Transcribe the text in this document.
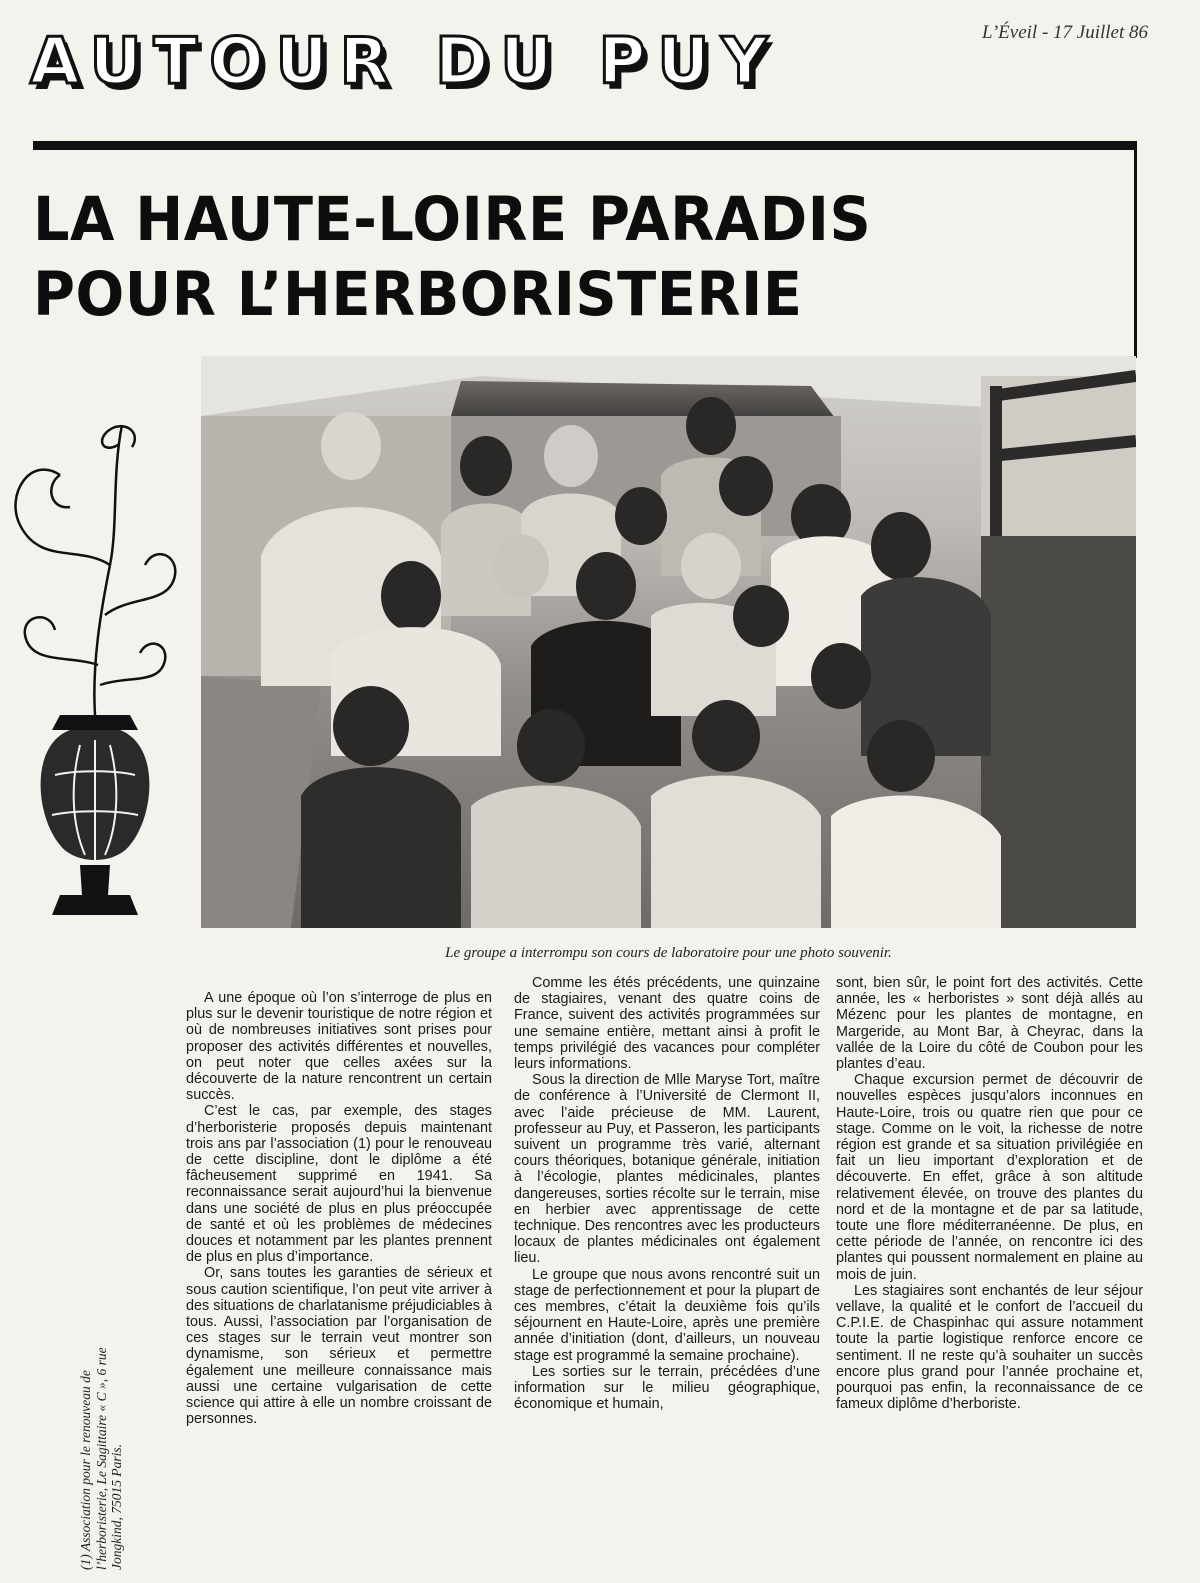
L’Éveil - 17 Juillet 86
AUTOUR DU PUY
LA HAUTE-LOIRE PARADIS
POUR L’HERBORISTERIE
Le groupe a interrompu son cours de laboratoire pour une photo souvenir.
(1) Association pour le renouveau de l’herboristerie, Le Sagittaire « C », 6 rue Jongkind, 75015 Paris.

A une époque où l’on s’interroge de plus en plus sur le devenir touristique de notre région et où de nombreuses initiatives sont prises pour proposer des activités différentes et nouvelles, on peut noter que celles axées sur la découverte de la nature rencontrent un certain succès.

C’est le cas, par exemple, des stages d’herboristerie proposés depuis maintenant trois ans par l’association (1) pour le renouveau de cette discipline, dont le diplôme a été fâcheusement supprimé en 1941. Sa reconnaissance serait aujourd’hui la bienvenue dans une société de plus en plus préoccupée de santé et où les problèmes de médecines douces et notamment par les plantes prennent de plus en plus d’importance.

Or, sans toutes les garanties de sérieux et sous caution scientifique, l’on peut vite arriver à des situations de charlatanisme préjudiciables à tous. Aussi, l’association par l’organisation de ces stages sur le terrain veut montrer son dynamisme, son sérieux et permettre également une meilleure connaissance mais aussi une certaine vulgarisation de cette science qui attire à elle un nombre croissant de personnes.

Comme les étés précédents, une quinzaine de stagiaires, venant des quatre coins de France, suivent des activités programmées sur une semaine entière, mettant ainsi à profit le temps privilégié des vacances pour compléter leurs informations.

Sous la direction de Mlle Maryse Tort, maître de conférence à l’Université de Clermont II, avec l’aide précieuse de MM. Laurent, professeur au Puy, et Passeron, les participants suivent un programme très varié, alternant cours théoriques, botanique générale, initiation à l’écologie, plantes médicinales, plantes dangereuses, sorties récolte sur le terrain, mise en herbier avec apprentissage de cette technique. Des rencontres avec les producteurs locaux de plantes médicinales ont également lieu.

Le groupe que nous avons rencontré suit un stage de perfectionnement et pour la plupart de ces membres, c’était la deuxième fois qu’ils séjournent en Haute-Loire, après une première année d’initiation (dont, d’ailleurs, un nouveau stage est programmé la semaine prochaine).

Les sorties sur le terrain, précédées d’une information sur le milieu géographique, économique et humain,

sont, bien sûr, le point fort des activités. Cette année, les « herboristes » sont déjà allés au Mézenc pour les plantes de montagne, en Margeride, au Mont Bar, à Cheyrac, dans la vallée de la Loire du côté de Coubon pour les plantes d’eau.

Chaque excursion permet de découvrir de nouvelles espèces jusqu’alors inconnues en Haute-Loire, trois ou quatre rien que pour ce stage. Comme on le voit, la richesse de notre région est grande et sa situation privilégiée en fait un lieu important d’exploration et de découverte. En effet, grâce à son altitude relativement élevée, on trouve des plantes du nord et de la montagne et de par sa latitude, toute une flore méditerranéenne. De plus, en cette période de l’année, on rencontre ici des plantes qui poussent normalement en plaine au mois de juin.

Les stagiaires sont enchantés de leur séjour vellave, la qualité et le confort de l’accueil du C.P.I.E. de Chaspinhac qui assure notamment toute la partie logistique renforce encore ce sentiment. Il ne reste qu’à souhaiter un succès encore plus grand pour l’année prochaine et, pourquoi pas enfin, la reconnaissance de ce fameux diplôme d’herboriste.
